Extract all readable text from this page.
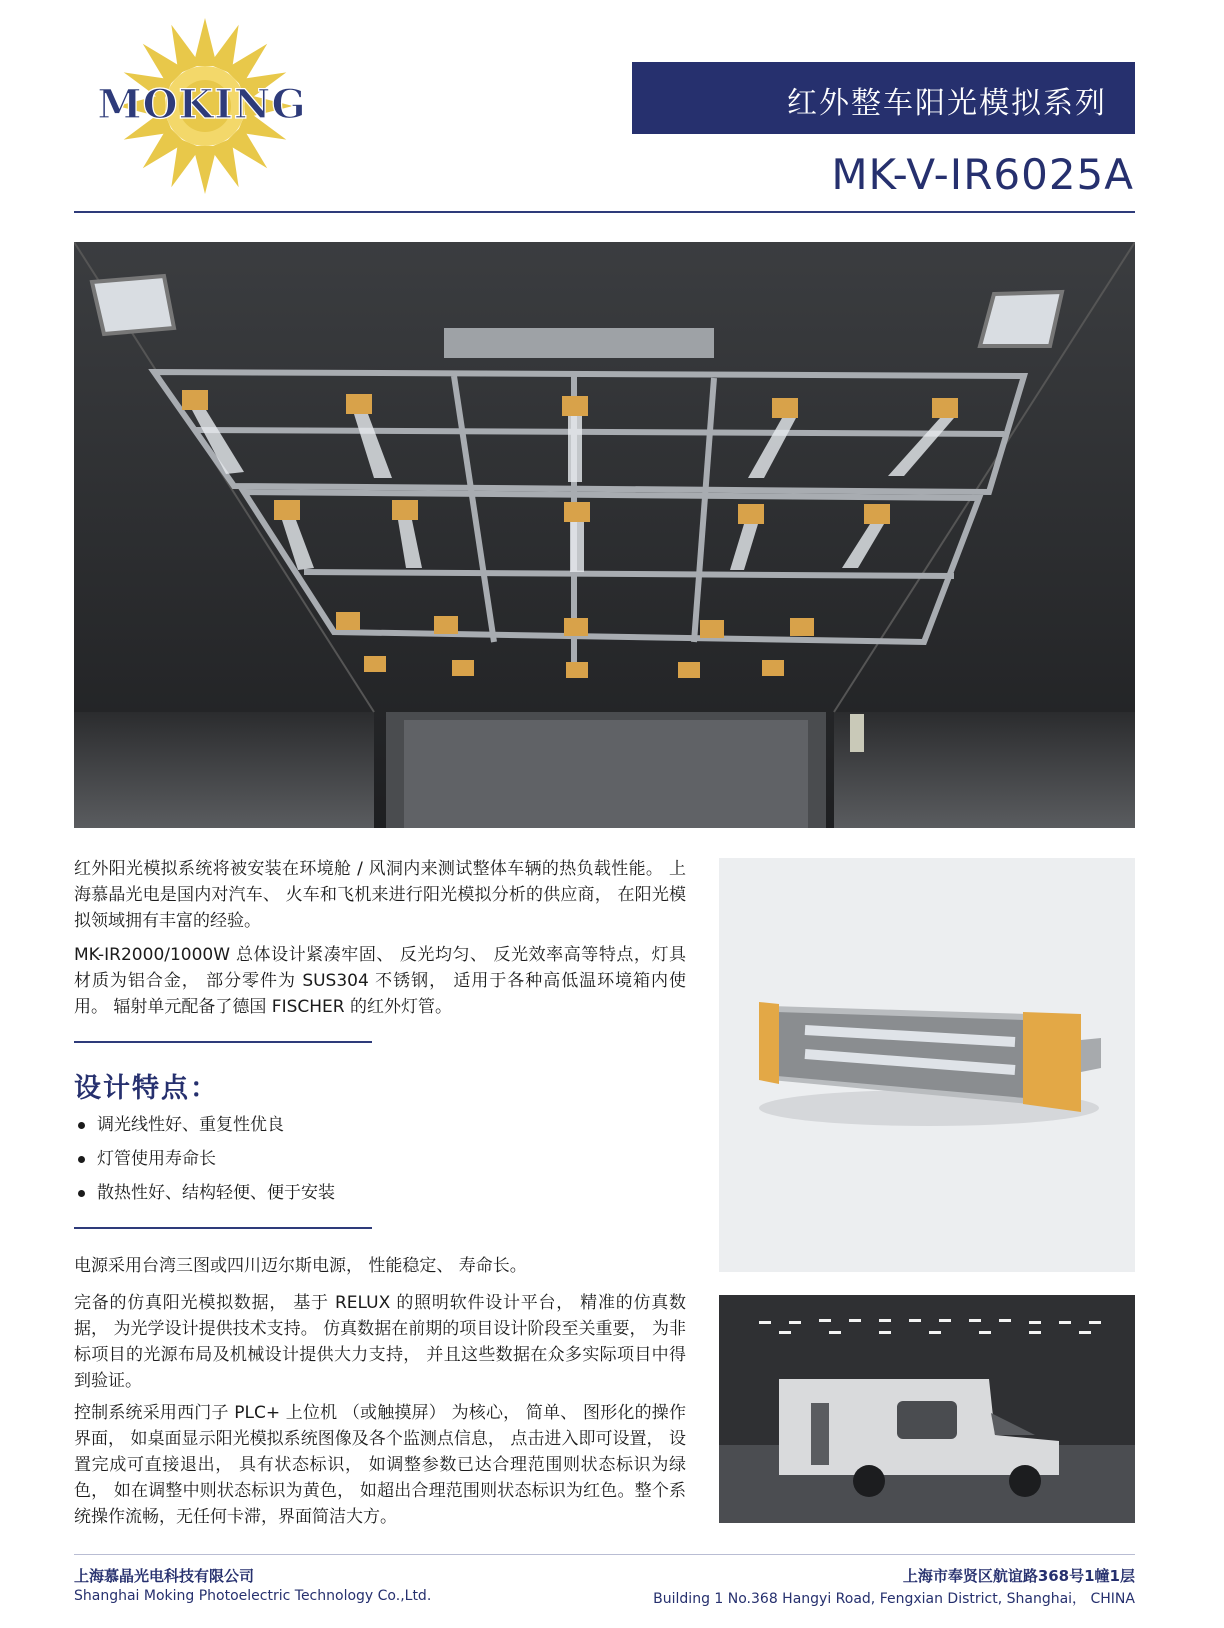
MOKING	红外整车阳光模拟系列
MK-V-IR6025A

红外阳光模拟系统将被安装在环境舱 / 风洞内来测试整体车辆的热负载性能。 上海慕晶光电是国内对汽车、 火车和飞机来进行阳光模拟分析的供应商， 在阳光模拟领域拥有丰富的经验。

MK-IR2000/1000W 总体设计紧凑牢固、 反光均匀、 反光效率高等特点，灯具材质为铝合金， 部分零件为 SUS304 不锈钢， 适用于各种高低温环境箱内使用。 辐射单元配备了德国 FISCHER 的红外灯管。

设计特点：
调光线性好、重复性优良
灯管使用寿命长
散热性好、结构轻便、便于安装

电源采用台湾三图或四川迈尔斯电源， 性能稳定、 寿命长。

完备的仿真阳光模拟数据， 基于 RELUX 的照明软件设计平台， 精准的仿真数据， 为光学设计提供技术支持。 仿真数据在前期的项目设计阶段至关重要， 为非标项目的光源布局及机械设计提供大力支持， 并且这些数据在众多实际项目中得到验证。

控制系统采用西门子 PLC+ 上位机 （或触摸屏） 为核心， 简单、 图形化的操作界面， 如桌面显示阳光模拟系统图像及各个监测点信息， 点击进入即可设置， 设置完成可直接退出， 具有状态标识， 如调整参数已达合理范围则状态标识为绿色， 如在调整中则状态标识为黄色， 如超出合理范围则状态标识为红色。整个系统操作流畅，无任何卡滞，界面简洁大方。

上海慕晶光电科技有限公司
Shanghai Moking Photoelectric Technology Co.,Ltd.
上海市奉贤区航谊路368号1幢1层
Building 1 No.368 Hangyi Road, Fengxian District, Shanghai， CHINA
